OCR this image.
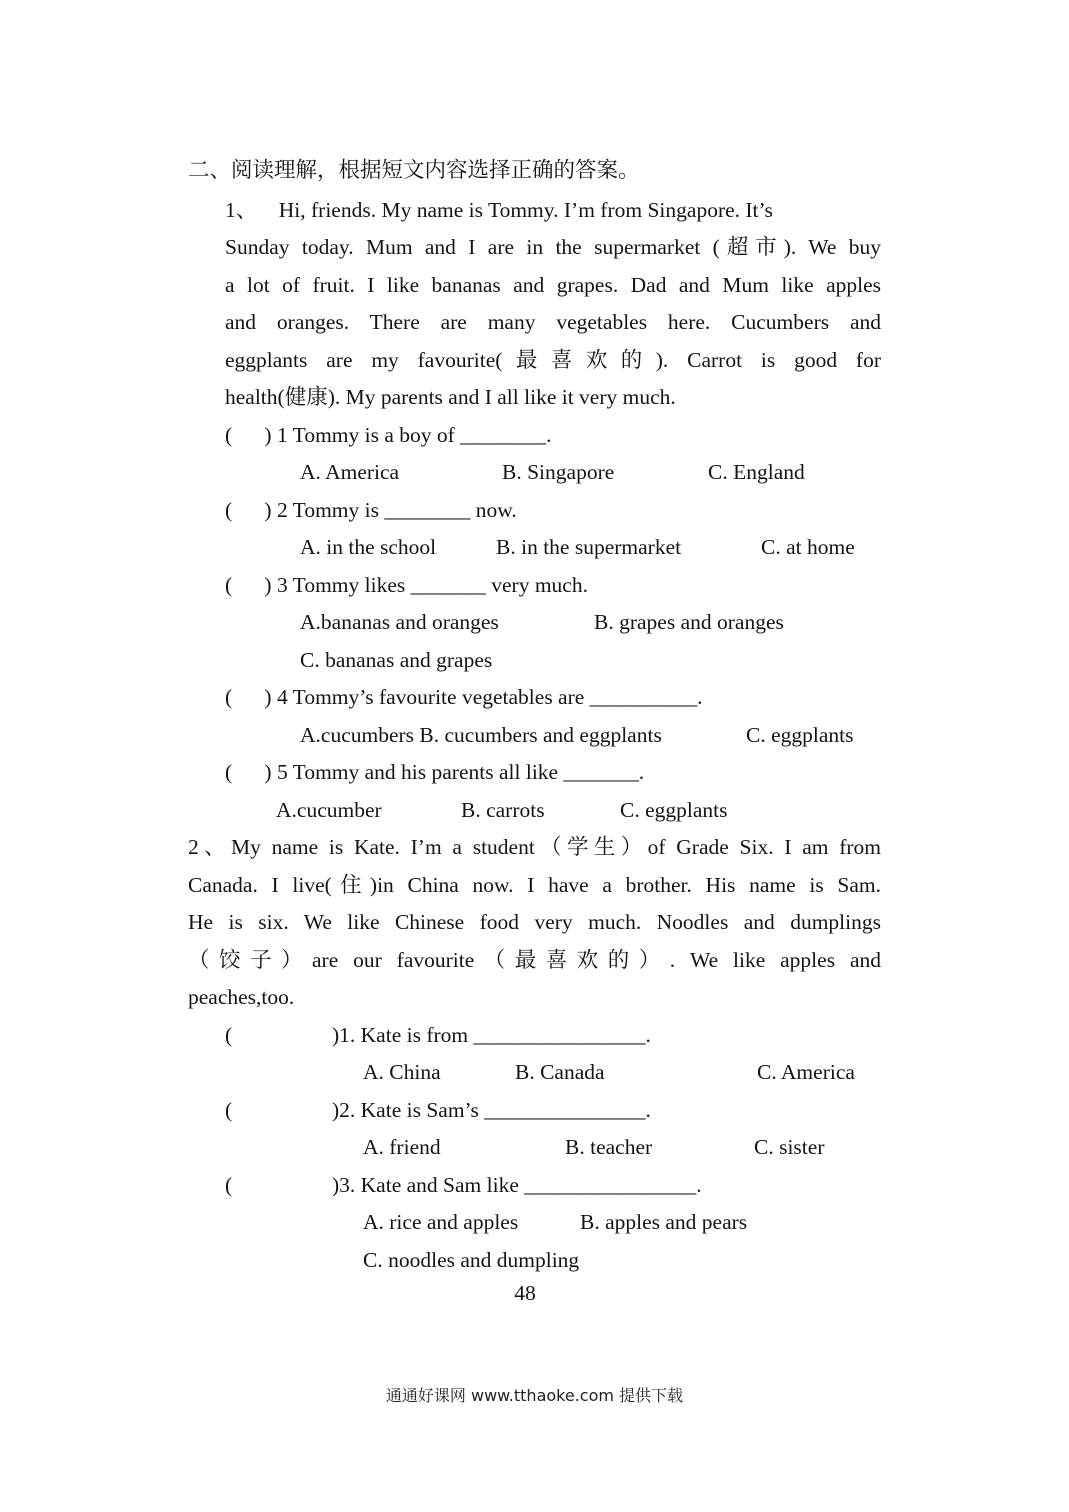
二、阅读理解，根据短文内容选择正确的答案。
1、    Hi, friends. My name is Tommy. I’m from Singapore. It’s
Sunday today. Mum and I are in the supermarket (超市). We buy
a lot of fruit. I like bananas and grapes. Dad and Mum like apples
and oranges. There are many vegetables here. Cucumbers and
eggplants are my favourite(最喜欢的). Carrot is good for
health(健康). My parents and I all like it very much.
(      ) 1 Tommy is a boy of ________.
A. America	B. Singapore	C. England
(      ) 2 Tommy is ________ now.
A. in the school	B. in the supermarket	C. at home
(      ) 3 Tommy likes _______ very much.
A.bananas and oranges	B. grapes and oranges
C. bananas and grapes
(      ) 4 Tommy’s favourite vegetables are __________.
A.cucumbers B. cucumbers and eggplants	C. eggplants
(      ) 5 Tommy and his parents all like _______.
A.cucumber	B. carrots	C. eggplants
2、My name is Kate. I’m a student（学生）of Grade Six. I am from
Canada. I live(住)in China now. I have a brother. His name is Sam.
He is six. We like Chinese food very much. Noodles and dumplings
（饺子）are our favourite（最喜欢的）. We like apples and
peaches,too.
(	)1. Kate is from ________________.
A. China	B. Canada	C. America
(	)2. Kate is Sam’s _______________.
A. friend	B. teacher	C. sister
(	)3. Kate and Sam like ________________.
A. rice and apples	B. apples and pears
C. noodles and dumpling
48
通通好课网 www.tthaoke.com 提供下载
